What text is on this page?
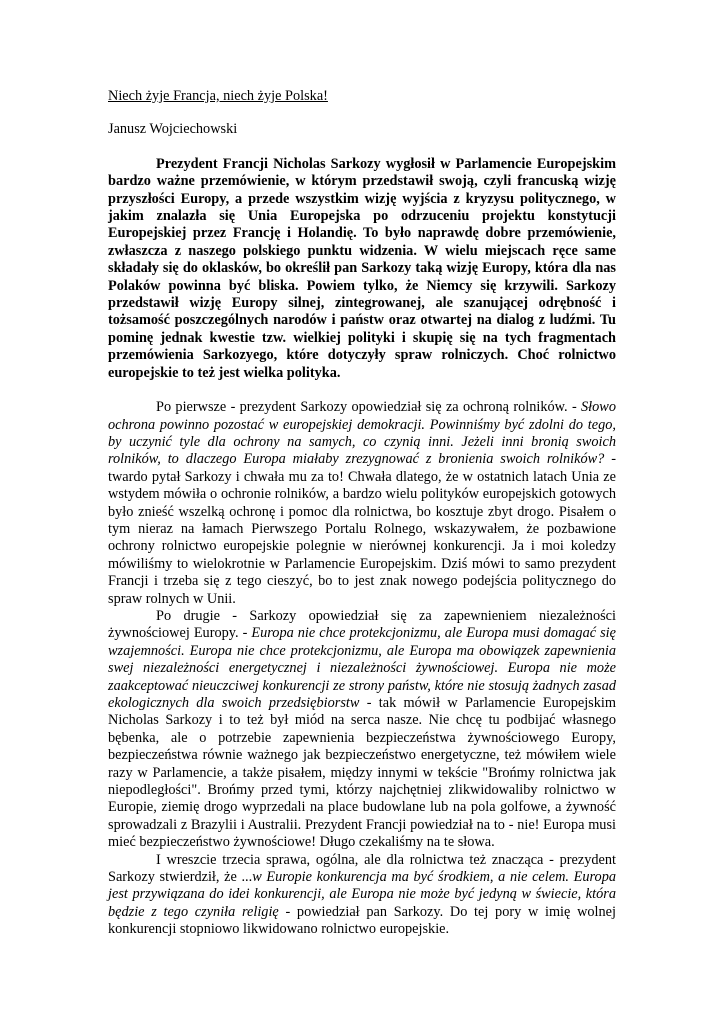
Niech żyje Francja, niech żyje Polska!
Janusz Wojciechowski

Prezydent Francji Nicholas Sarkozy wygłosił w Parlamencie Europejskim bardzo ważne przemówienie, w którym przedstawił swoją, czyli francuską wizję przyszłości Europy, a przede wszystkim wizję wyjścia z kryzysu politycznego, w jakim znalazła się Unia Europejska po odrzuceniu projektu konstytucji Europejskiej przez Francję i Holandię. To było naprawdę dobre przemówienie, zwłaszcza z naszego polskiego punktu widzenia. W wielu miejscach ręce same składały się do oklasków, bo określił pan Sarkozy taką wizję Europy, która dla nas Polaków powinna być bliska. Powiem tylko, że Niemcy się krzywili. Sarkozy przedstawił wizję Europy silnej, zintegrowanej, ale szanującej odrębność i tożsamość poszczególnych narodów i państw oraz otwartej na dialog z ludźmi. Tu pominę jednak kwestie tzw. wielkiej polityki i skupię się na tych fragmentach przemówienia Sarkozyego, które dotyczyły spraw rolniczych. Choć rolnictwo europejskie to też jest wielka polityka.

Po pierwsze - prezydent Sarkozy opowiedział się za ochroną rolników. - Słowo ochrona powinno pozostać w europejskiej demokracji. Powinniśmy być zdolni do tego, by uczynić tyle dla ochrony na samych, co czynią inni. Jeżeli inni bronią swoich rolników, to dlaczego Europa miałaby zrezygnować z bronienia swoich rolników? - twardo pytał Sarkozy i chwała mu za to! Chwała dlatego, że w ostatnich latach Unia ze wstydem mówiła o ochronie rolników, a bardzo wielu polityków europejskich gotowych było znieść wszelką ochronę i pomoc dla rolnictwa, bo kosztuje zbyt drogo. Pisałem o tym nieraz na łamach Pierwszego Portalu Rolnego, wskazywałem, że pozbawione ochrony rolnictwo europejskie polegnie w nierównej konkurencji. Ja i moi koledzy mówiliśmy to wielokrotnie w Parlamencie Europejskim. Dziś mówi to samo prezydent Francji i trzeba się z tego cieszyć, bo to jest znak nowego podejścia politycznego do spraw rolnych w Unii.

Po drugie - Sarkozy opowiedział się za zapewnieniem niezależności żywnościowej Europy. - Europa nie chce protekcjonizmu, ale Europa musi domagać się wzajemności. Europa nie chce protekcjonizmu, ale Europa ma obowiązek zapewnienia swej niezależności energetycznej i niezależności żywnościowej. Europa nie może zaakceptować nieuczciwej konkurencji ze strony państw, które nie stosują żadnych zasad ekologicznych dla swoich przedsiębiorstw - tak mówił w Parlamencie Europejskim Nicholas Sarkozy i to też był miód na serca nasze. Nie chcę tu podbijać własnego bębenka, ale o potrzebie zapewnienia bezpieczeństwa żywnościowego Europy, bezpieczeństwa równie ważnego jak bezpieczeństwo energetyczne, też mówiłem wiele razy w Parlamencie, a także pisałem, między innymi w tekście "Brońmy rolnictwa jak niepodległości". Brońmy przed tymi, którzy najchętniej zlikwidowaliby rolnictwo w Europie, ziemię drogo wyprzedali na place budowlane lub na pola golfowe, a żywność sprowadzali z Brazylii i Australii. Prezydent Francji powiedział na to - nie! Europa musi mieć bezpieczeństwo żywnościowe! Długo czekaliśmy na te słowa.

I wreszcie trzecia sprawa, ogólna, ale dla rolnictwa też znacząca - prezydent Sarkozy stwierdził, że ...w Europie konkurencja ma być środkiem, a nie celem. Europa jest przywiązana do idei konkurencji, ale Europa nie może być jedyną w świecie, która będzie z tego czyniła religię - powiedział pan Sarkozy. Do tej pory w imię wolnej konkurencji stopniowo likwidowano rolnictwo europejskie.
